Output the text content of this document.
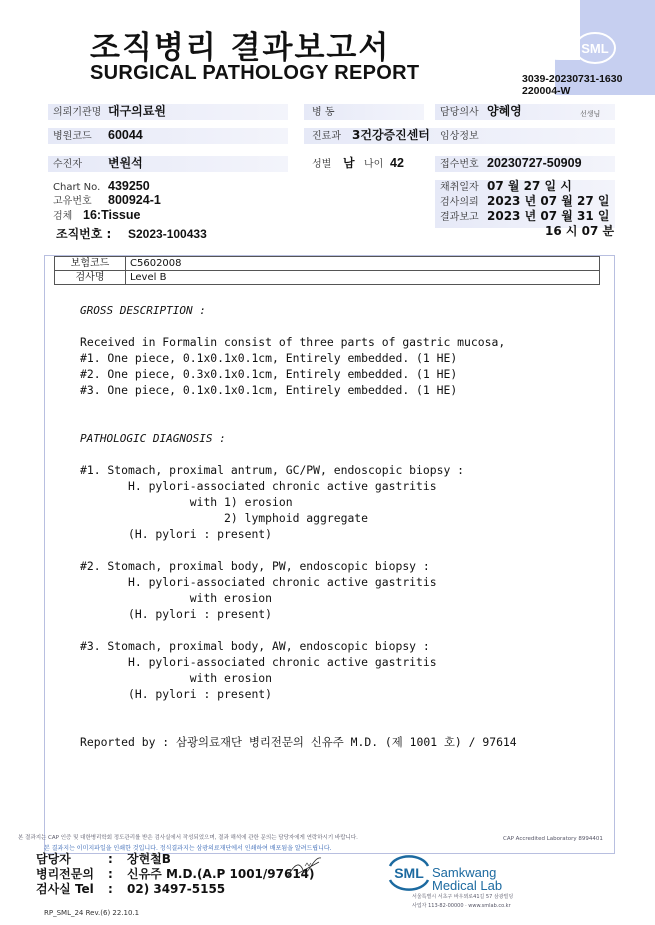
조직병리 결과보고서
SURGICAL PATHOLOGY REPORT
SML
3039-20230731-1630
220004-W
의뢰기관명 대구의료원	병 동	담당의사 양혜영	선생님
병원코드 60044	진료과 3건강증진센터 임상정보
수진자 변원석	성별 남 나이 42	접수번호 20230727-50909
Chart No. 439250
고유번호 800924-1
검체 16:Tissue
조직번호 : S2023-100433
채취일자 07 월 27 일 시
검사의뢰 2023 년 07 월 27 일
결과보고 2023 년 07 월 31 일
16 시 07 분
보험코드	C5602008
검사명	Level B
GROSS DESCRIPTION :
Received in Formalin consist of three parts of gastric mucosa,
#1. One piece, 0.1x0.1x0.1cm, Entirely embedded. (1 HE)
#2. One piece, 0.3x0.1x0.1cm, Entirely embedded. (1 HE)
#3. One piece, 0.1x0.1x0.1cm, Entirely embedded. (1 HE)
PATHOLOGIC DIAGNOSIS :
#1. Stomach, proximal antrum, GC/PW, endoscopic biopsy :
H. pylori-associated chronic active gastritis
with 1) erosion
2) lymphoid aggregate
(H. pylori : present)

#2. Stomach, proximal body, PW, endoscopic biopsy :
H. pylori-associated chronic active gastritis
with erosion
(H. pylori : present)

#3. Stomach, proximal body, AW, endoscopic biopsy :
H. pylori-associated chronic active gastritis
with erosion
(H. pylori : present)

Reported by : 삼광의료재단 병리전문의 신유주 M.D. (제 1001 호) / 97614
본 결과지는 CAP 인증 및 대한병리학회 정도관리를 받은 검사실에서 작성되었으며, 결과 해석에 관한 문의는 담당자에게 연락하시기 바랍니다.	CAP Accredited Laboratory 8994401
본 결과지는 이미지파일을 인쇄한 것입니다. 정식결과지는 삼광의료재단에서 인쇄하여 배포됨을 알려드립니다.
담당자	: 장현철B
병리전문의 : 신유주 M.D.(A.P 1001/97614)
검사실 Tel : 02) 3497-5155
SML Samkwang
Medical Lab
서울특별시 서초구 바우뫼로41길 57 삼광빌딩
사업자 113-82-00000 · www.smlab.co.kr
RP_SML_24 Rev.(6) 22.10.1
